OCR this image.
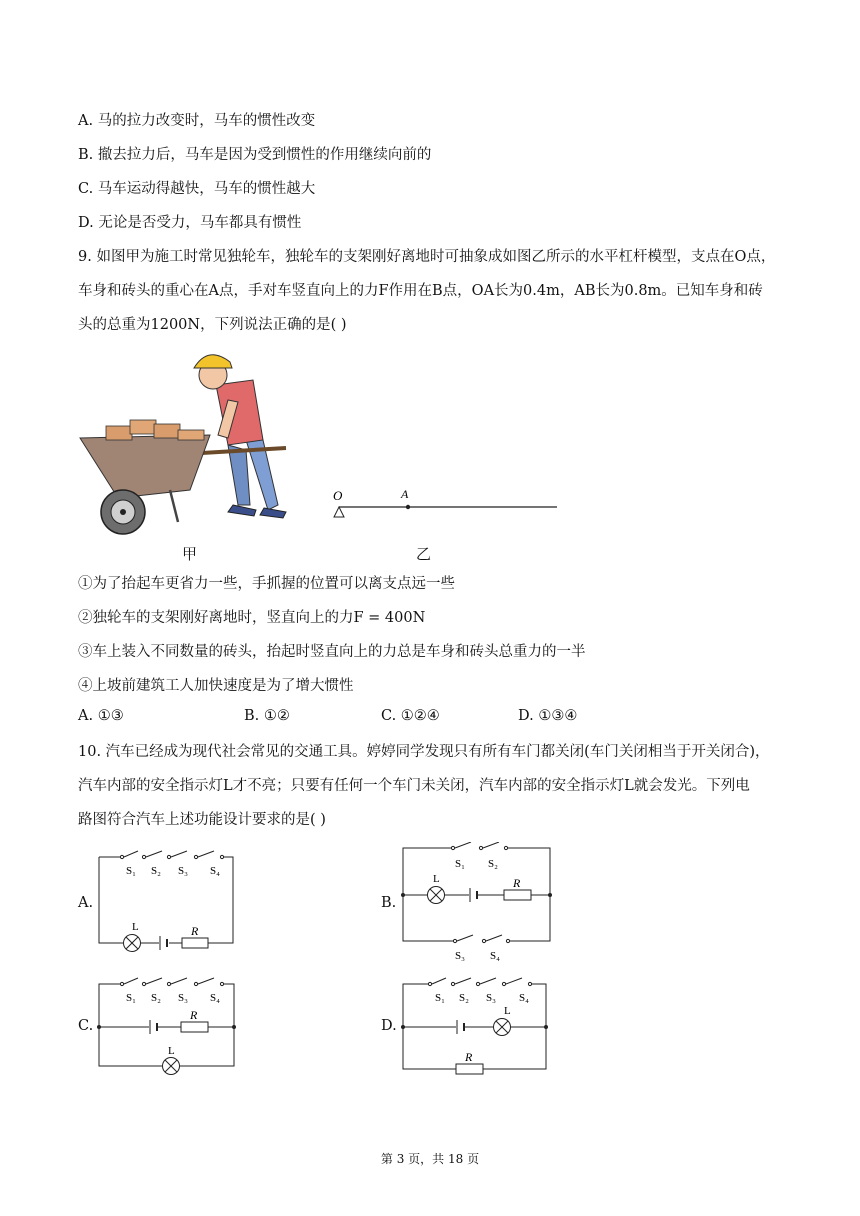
A. 马的拉力改变时，马车的惯性改变
B. 撤去拉力后，马车是因为受到惯性的作用继续向前的
C. 马车运动得越快，马车的惯性越大
D. 无论是否受力，马车都具有惯性
9. 如图甲为施工时常见独轮车，独轮车的支架刚好离地时可抽象成如图乙所示的水平杠杆模型，支点在O点，
车身和砖头的重心在A点，手对车竖直向上的力F作用在B点，OA长为0.4m，AB长为0.8m。已知车身和砖
头的总重为1200N，下列说法正确的是( )
甲
O	A
乙
①为了抬起车更省力一些，手抓握的位置可以离支点远一些
②独轮车的支架刚好离地时，竖直向上的力F = 400N
③车上装入不同数量的砖头，抬起时竖直向上的力总是车身和砖头总重力的一半
④上坡前建筑工人加快速度是为了增大惯性
A. ①③	B. ①②	C. ①②④	D. ①③④
10. 汽车已经成为现代社会常见的交通工具。婷婷同学发现只有所有车门都关闭(车门关闭相当于开关闭合)，
汽车内部的安全指示灯L才不亮；只要有任何一个车门未关闭，汽车内部的安全指示灯L就会发光。下列电
路图符合汽车上述功能设计要求的是( )
A.
S₁ S₂ S₃ S₄
L	R
B.
S₁ S₂
L	R
S₃ S₄
C.
S₁ S₂ S₃ S₄
R
L
D.
S₁ S₂ S₃ S₄
L
R
第 3 页，共 18 页
